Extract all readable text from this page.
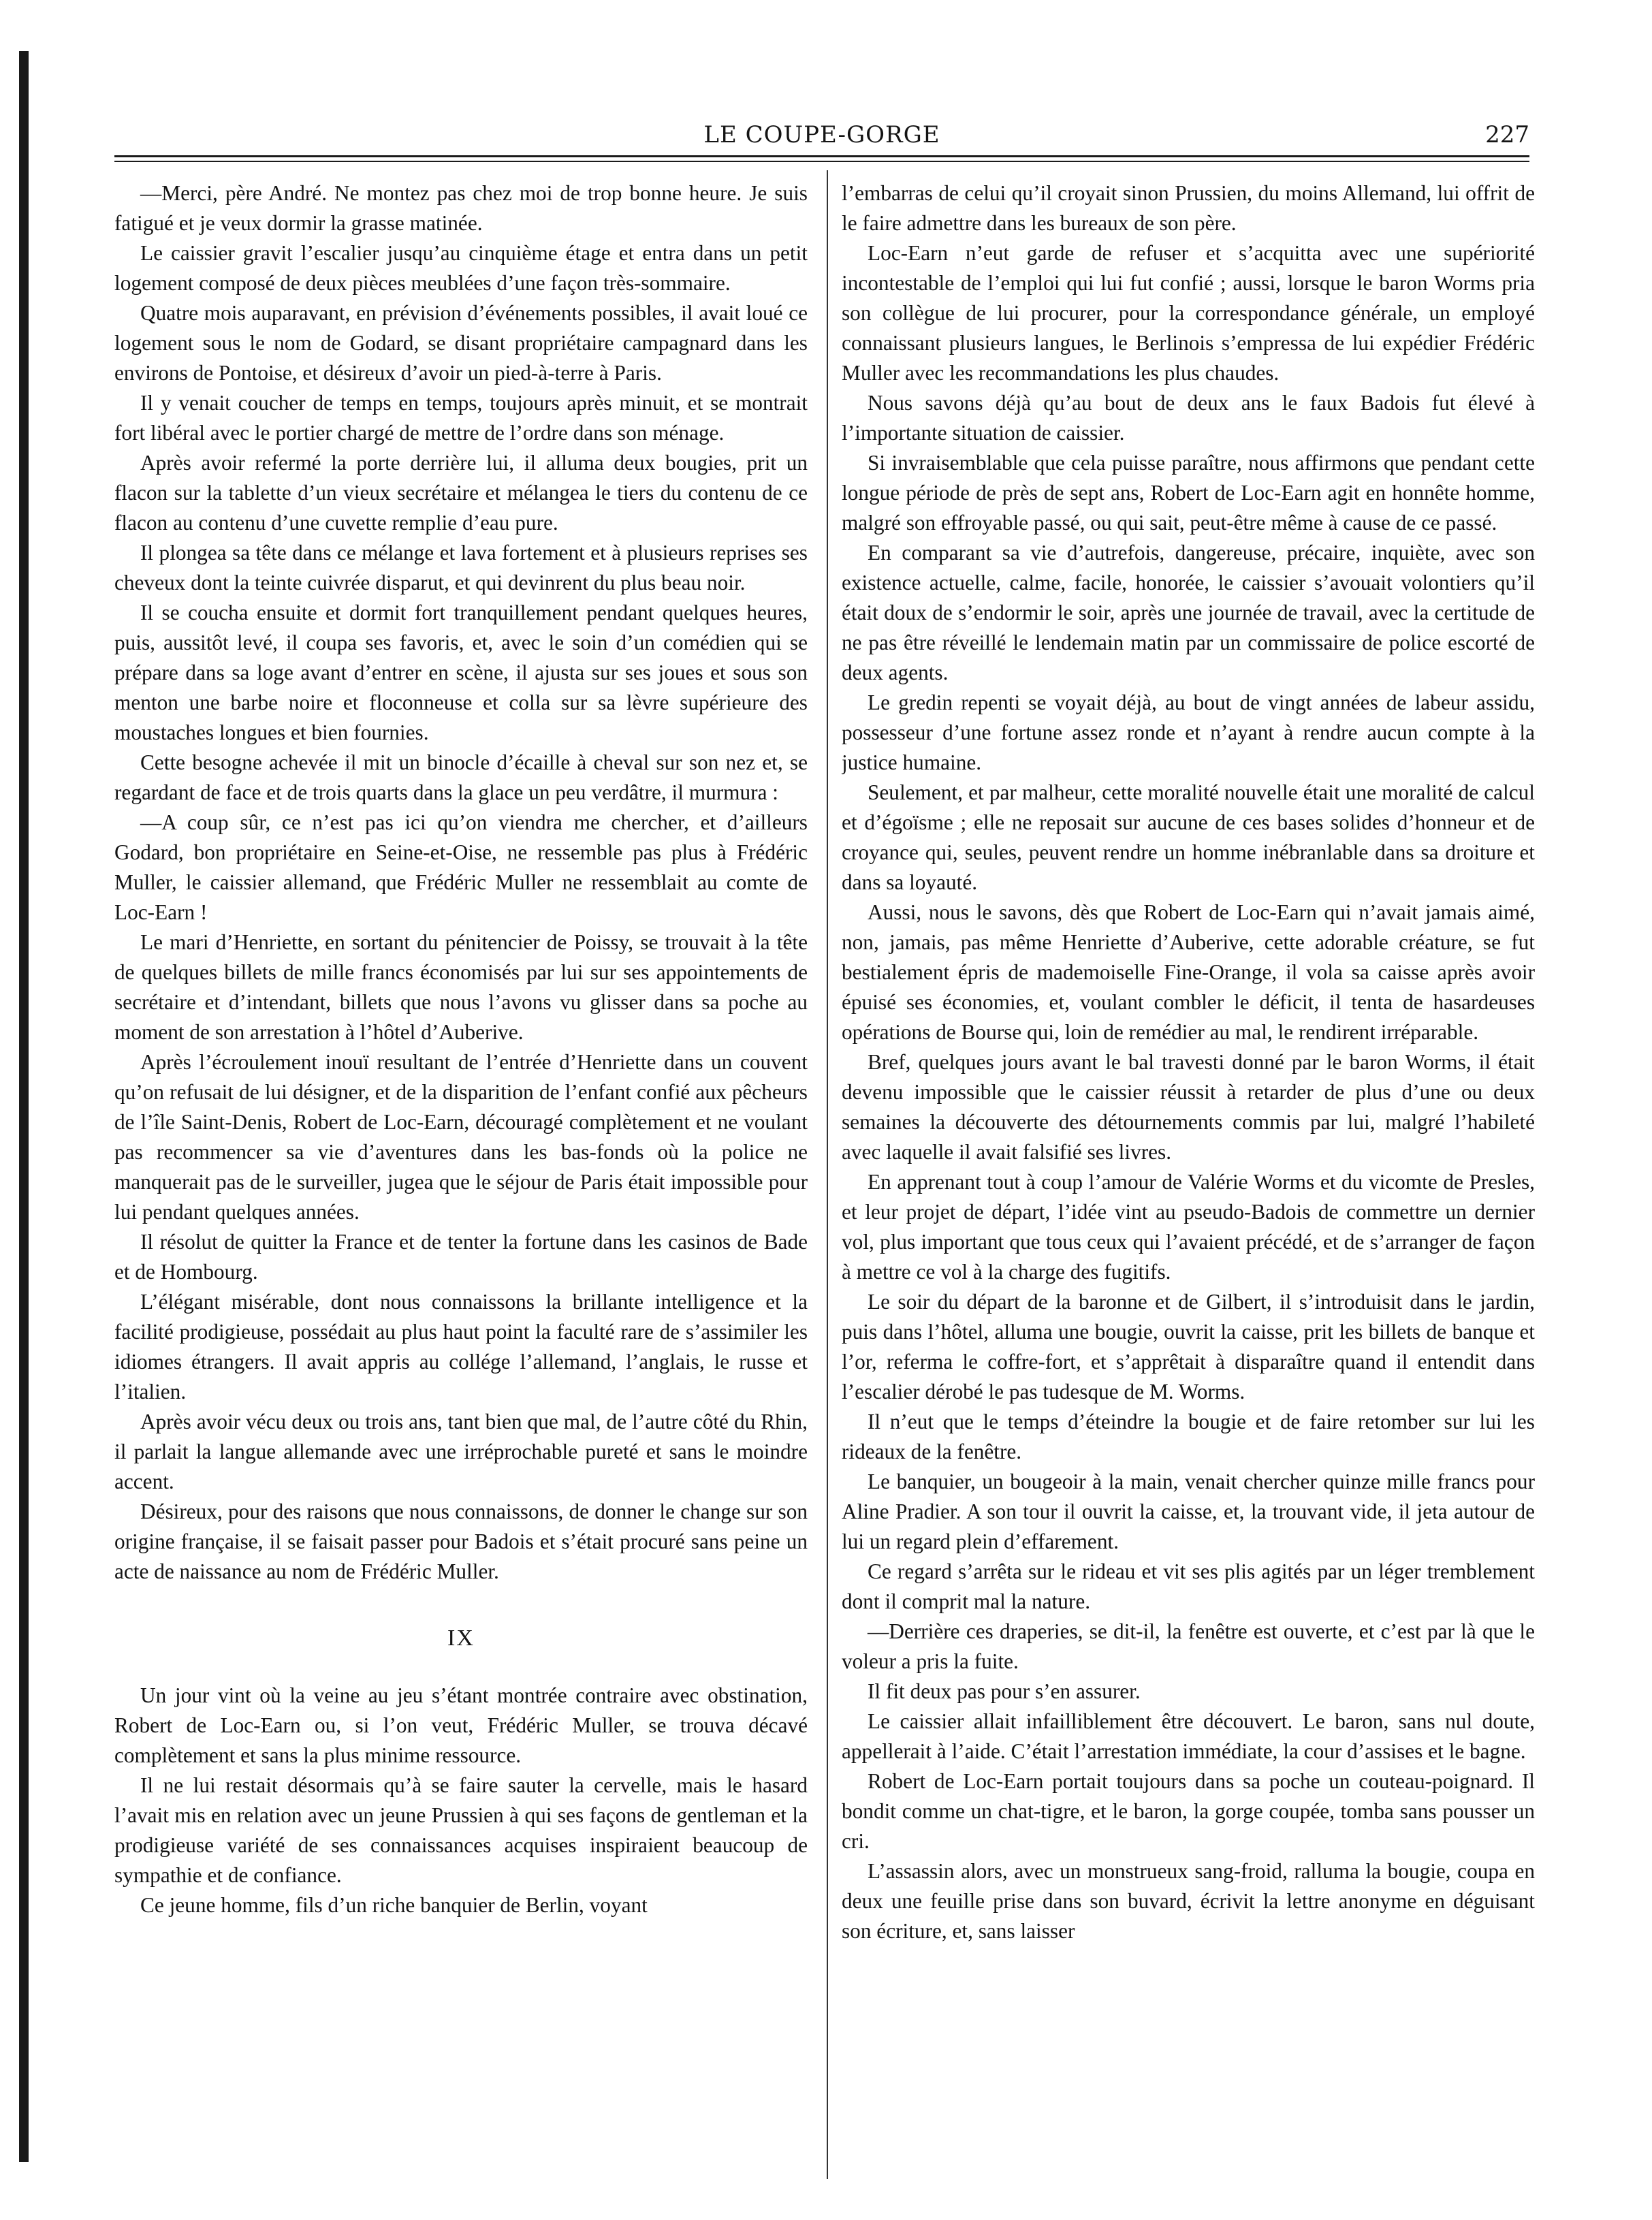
LE COUPE-GORGE	227

—Merci, père André. Ne montez pas chez moi de trop bonne heure. Je suis fatigué et je veux dormir la grasse matinée.

Le caissier gravit l’escalier jusqu’au cinquième étage et entra dans un petit logement composé de deux pièces meublées d’une façon très-sommaire.

Quatre mois auparavant, en prévision d’événements possibles, il avait loué ce logement sous le nom de Godard, se disant propriétaire campagnard dans les environs de Pontoise, et désireux d’avoir un pied-à-terre à Paris.

Il y venait coucher de temps en temps, toujours après minuit, et se montrait fort libéral avec le portier chargé de mettre de l’ordre dans son ménage.

Après avoir refermé la porte derrière lui, il alluma deux bougies, prit un flacon sur la tablette d’un vieux secrétaire et mélangea le tiers du contenu de ce flacon au contenu d’une cuvette remplie d’eau pure.

Il plongea sa tête dans ce mélange et lava fortement et à plusieurs reprises ses cheveux dont la teinte cuivrée disparut, et qui devinrent du plus beau noir.

Il se coucha ensuite et dormit fort tranquillement pendant quelques heures, puis, aussitôt levé, il coupa ses favoris, et, avec le soin d’un comédien qui se prépare dans sa loge avant d’entrer en scène, il ajusta sur ses joues et sous son menton une barbe noire et floconneuse et colla sur sa lèvre supérieure des moustaches longues et bien fournies.

Cette besogne achevée il mit un binocle d’écaille à cheval sur son nez et, se regardant de face et de trois quarts dans la glace un peu verdâtre, il murmura :

—A coup sûr, ce n’est pas ici qu’on viendra me chercher, et d’ailleurs Godard, bon propriétaire en Seine-et-Oise, ne ressemble pas plus à Frédéric Muller, le caissier allemand, que Frédéric Muller ne ressemblait au comte de Loc-Earn !

Le mari d’Henriette, en sortant du pénitencier de Poissy, se trouvait à la tête de quelques billets de mille francs économisés par lui sur ses appointements de secrétaire et d’intendant, billets que nous l’avons vu glisser dans sa poche au moment de son arrestation à l’hôtel d’Auberive.

Après l’écroulement inouï resultant de l’entrée d’Henriette dans un couvent qu’on refusait de lui désigner, et de la disparition de l’enfant confié aux pêcheurs de l’île Saint-Denis, Robert de Loc-Earn, découragé complètement et ne voulant pas recommencer sa vie d’aventures dans les bas-fonds où la police ne manquerait pas de le surveiller, jugea que le séjour de Paris était impossible pour lui pendant quelques années.

Il résolut de quitter la France et de tenter la fortune dans les casinos de Bade et de Hombourg.

L’élégant misérable, dont nous connaissons la brillante intelligence et la facilité prodigieuse, possédait au plus haut point la faculté rare de s’assimiler les idiomes étrangers. Il avait appris au collége l’allemand, l’anglais, le russe et l’italien.

Après avoir vécu deux ou trois ans, tant bien que mal, de l’autre côté du Rhin, il parlait la langue allemande avec une irréprochable pureté et sans le moindre accent.

Désireux, pour des raisons que nous connaissons, de donner le change sur son origine française, il se faisait passer pour Badois et s’était procuré sans peine un acte de naissance au nom de Frédéric Muller.

IX

Un jour vint où la veine au jeu s’étant montrée contraire avec obstination, Robert de Loc-Earn ou, si l’on veut, Frédéric Muller, se trouva décavé complètement et sans la plus minime ressource.

Il ne lui restait désormais qu’à se faire sauter la cervelle, mais le hasard l’avait mis en relation avec un jeune Prussien à qui ses façons de gentleman et la prodigieuse variété de ses connaissances acquises inspiraient beaucoup de sympathie et de confiance.

Ce jeune homme, fils d’un riche banquier de Berlin, voyant

l’embarras de celui qu’il croyait sinon Prussien, du moins Allemand, lui offrit de le faire admettre dans les bureaux de son père.

Loc-Earn n’eut garde de refuser et s’acquitta avec une supériorité incontestable de l’emploi qui lui fut confié ; aussi, lorsque le baron Worms pria son collègue de lui procurer, pour la correspondance générale, un employé connaissant plusieurs langues, le Berlinois s’empressa de lui expédier Frédéric Muller avec les recommandations les plus chaudes.

Nous savons déjà qu’au bout de deux ans le faux Badois fut élevé à l’importante situation de caissier.

Si invraisemblable que cela puisse paraître, nous affirmons que pendant cette longue période de près de sept ans, Robert de Loc-Earn agit en honnête homme, malgré son effroyable passé, ou qui sait, peut-être même à cause de ce passé.

En comparant sa vie d’autrefois, dangereuse, précaire, inquiète, avec son existence actuelle, calme, facile, honorée, le caissier s’avouait volontiers qu’il était doux de s’endormir le soir, après une journée de travail, avec la certitude de ne pas être réveillé le lendemain matin par un commissaire de police escorté de deux agents.

Le gredin repenti se voyait déjà, au bout de vingt années de labeur assidu, possesseur d’une fortune assez ronde et n’ayant à rendre aucun compte à la justice humaine.

Seulement, et par malheur, cette moralité nouvelle était une moralité de calcul et d’égoïsme ; elle ne reposait sur aucune de ces bases solides d’honneur et de croyance qui, seules, peuvent rendre un homme inébranlable dans sa droiture et dans sa loyauté.

Aussi, nous le savons, dès que Robert de Loc-Earn qui n’avait jamais aimé, non, jamais, pas même Henriette d’Auberive, cette adorable créature, se fut bestialement épris de mademoiselle Fine-Orange, il vola sa caisse après avoir épuisé ses économies, et, voulant combler le déficit, il tenta de hasardeuses opérations de Bourse qui, loin de remédier au mal, le rendirent irréparable.

Bref, quelques jours avant le bal travesti donné par le baron Worms, il était devenu impossible que le caissier réussit à retarder de plus d’une ou deux semaines la découverte des détournements commis par lui, malgré l’habileté avec laquelle il avait falsifié ses livres.

En apprenant tout à coup l’amour de Valérie Worms et du vicomte de Presles, et leur projet de départ, l’idée vint au pseudo-Badois de commettre un dernier vol, plus important que tous ceux qui l’avaient précédé, et de s’arranger de façon à mettre ce vol à la charge des fugitifs.

Le soir du départ de la baronne et de Gilbert, il s’introduisit dans le jardin, puis dans l’hôtel, alluma une bougie, ouvrit la caisse, prit les billets de banque et l’or, referma le coffre-fort, et s’apprêtait à disparaître quand il entendit dans l’escalier dérobé le pas tudesque de M. Worms.

Il n’eut que le temps d’éteindre la bougie et de faire retomber sur lui les rideaux de la fenêtre.

Le banquier, un bougeoir à la main, venait chercher quinze mille francs pour Aline Pradier. A son tour il ouvrit la caisse, et, la trouvant vide, il jeta autour de lui un regard plein d’effarement.

Ce regard s’arrêta sur le rideau et vit ses plis agités par un léger tremblement dont il comprit mal la nature.

—Derrière ces draperies, se dit-il, la fenêtre est ouverte, et c’est par là que le voleur a pris la fuite.

Il fit deux pas pour s’en assurer.

Le caissier allait infailliblement être découvert. Le baron, sans nul doute, appellerait à l’aide. C’était l’arrestation immédiate, la cour d’assises et le bagne.

Robert de Loc-Earn portait toujours dans sa poche un couteau-poignard. Il bondit comme un chat-tigre, et le baron, la gorge coupée, tomba sans pousser un cri.

L’assassin alors, avec un monstrueux sang-froid, ralluma la bougie, coupa en deux une feuille prise dans son buvard, écrivit la lettre anonyme en déguisant son écriture, et, sans laisser
